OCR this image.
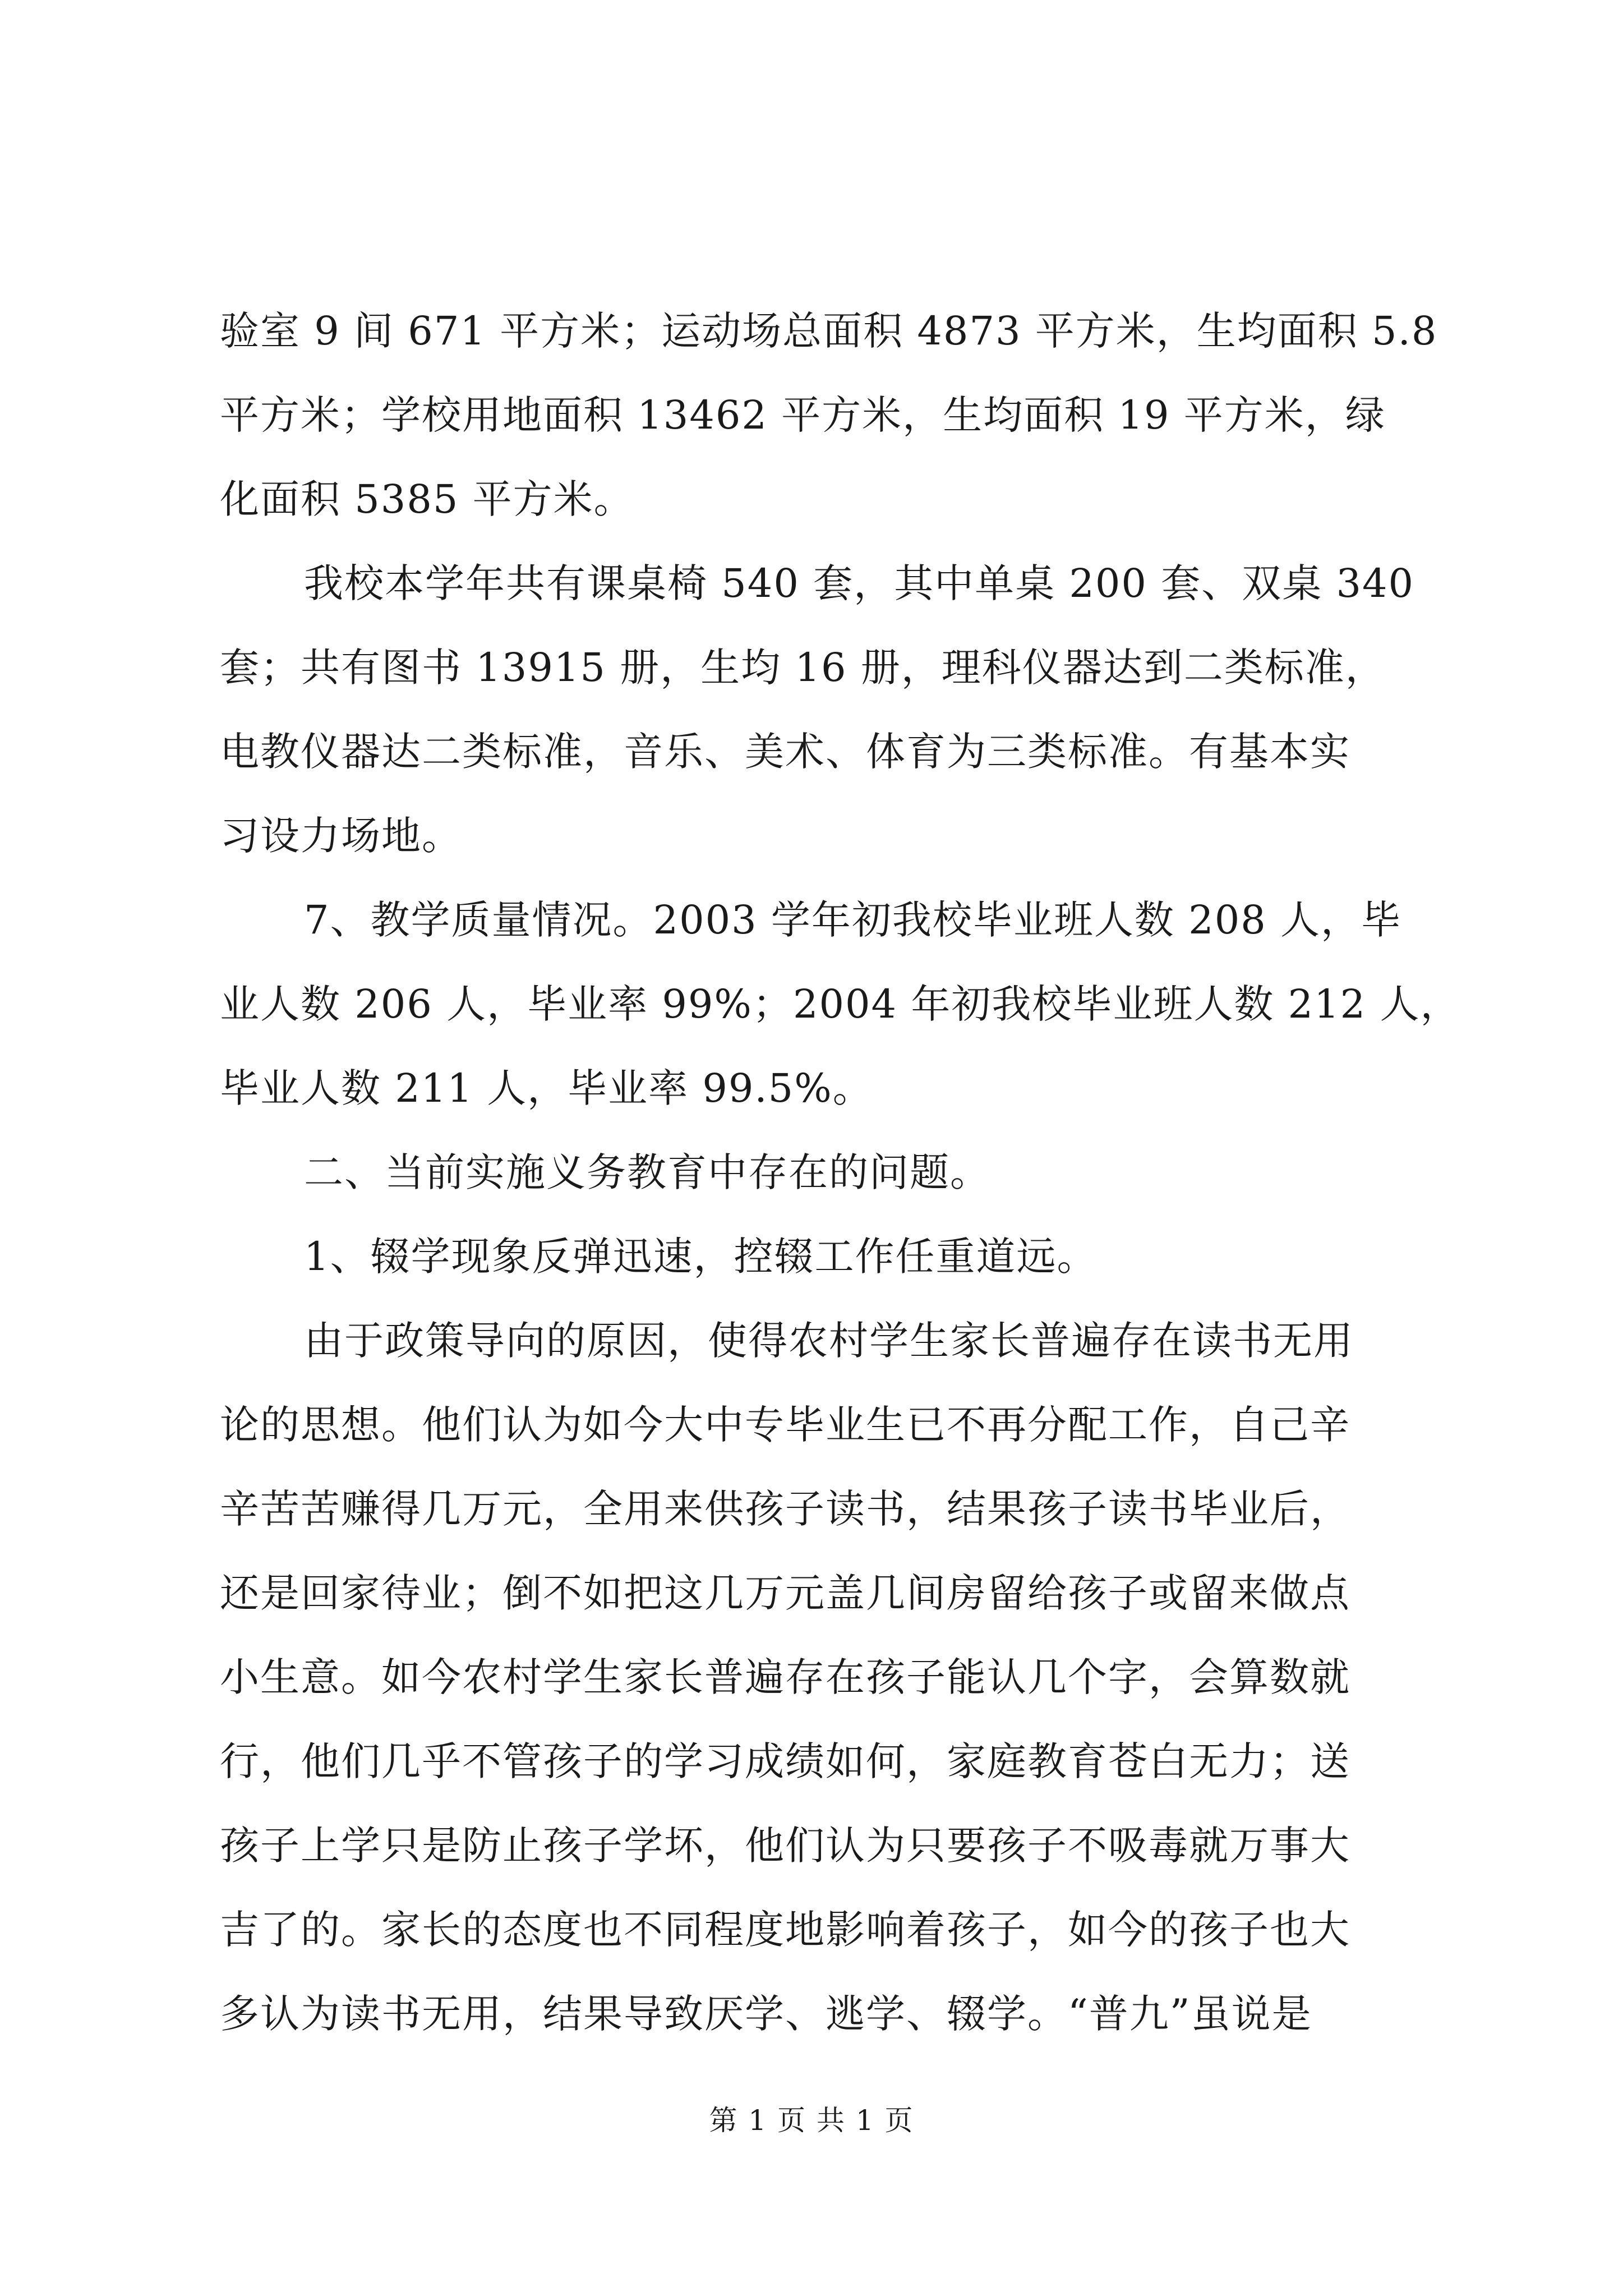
验室 9 间 671 平方米；运动场总面积 4873 平方米，生均面积 5.8
平方米；学校用地面积 13462 平方米，生均面积 19 平方米，绿
化面积 5385 平方米。
我校本学年共有课桌椅 540 套，其中单桌 200 套、双桌 340
套；共有图书 13915 册，生均 16 册，理科仪器达到二类标准，
电教仪器达二类标准，音乐、美术、体育为三类标准。有基本实
习设力场地。
7、教学质量情况。2003 学年初我校毕业班人数 208 人，毕
业人数 206 人，毕业率 99%；2004 年初我校毕业班人数 212 人，
毕业人数 211 人，毕业率 99.5%。
二、当前实施义务教育中存在的问题。
1、辍学现象反弹迅速，控辍工作任重道远。
由于政策导向的原因，使得农村学生家长普遍存在读书无用
论的思想。他们认为如今大中专毕业生已不再分配工作，自己辛
辛苦苦赚得几万元，全用来供孩子读书，结果孩子读书毕业后，
还是回家待业；倒不如把这几万元盖几间房留给孩子或留来做点
小生意。如今农村学生家长普遍存在孩子能认几个字，会算数就
行，他们几乎不管孩子的学习成绩如何，家庭教育苍白无力；送
孩子上学只是防止孩子学坏，他们认为只要孩子不吸毒就万事大
吉了的。家长的态度也不同程度地影响着孩子，如今的孩子也大
多认为读书无用，结果导致厌学、逃学、辍学。“普九”虽说是
第 1 页 共 1 页
